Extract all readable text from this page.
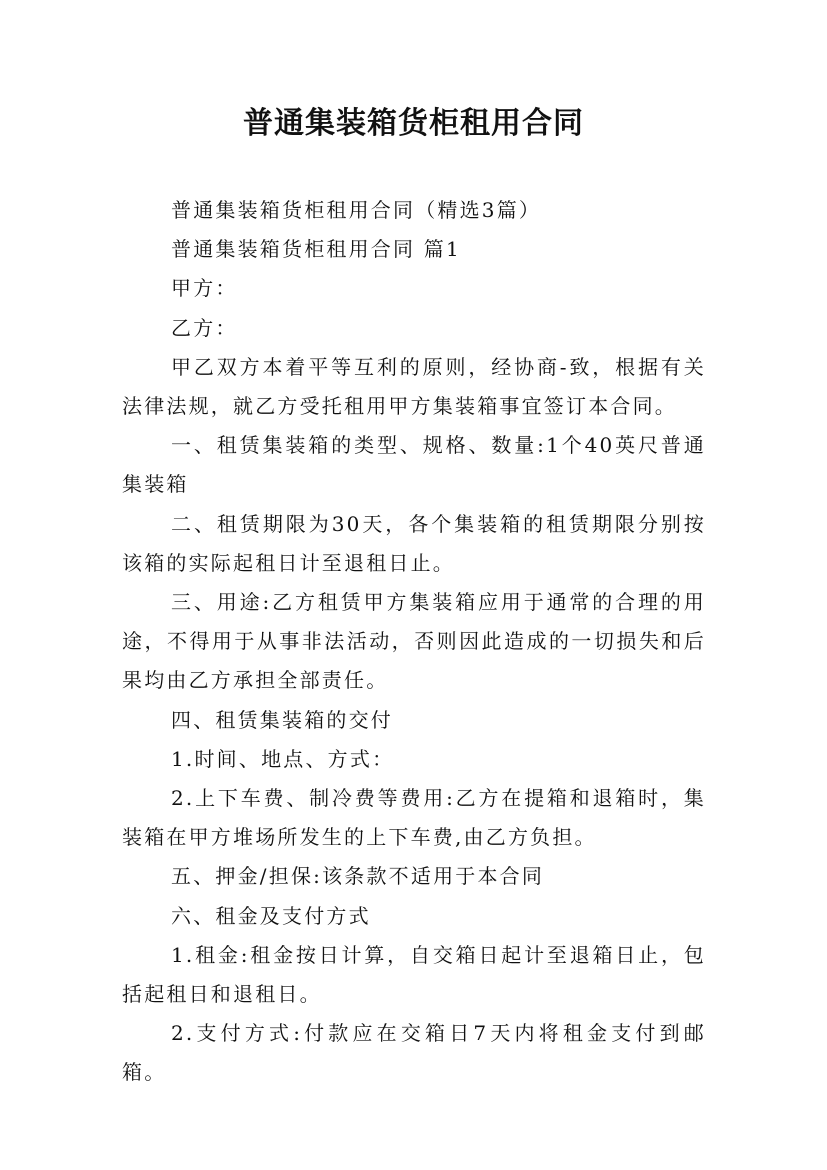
普通集装箱货柜租用合同

普通集装箱货柜租用合同（精选3篇）

普通集装箱货柜租用合同 篇1

甲方：

乙方：

甲乙双方本着平等互利的原则，经协商-致，根据有关法律法规，就乙方受托租用甲方集装箱事宜签订本合同。

一、租赁集装箱的类型、规格、数量:1个40英尺普通集装箱

二、租赁期限为30天，各个集装箱的租赁期限分别按该箱的实际起租日计至退租日止。

三、用途:乙方租赁甲方集装箱应用于通常的合理的用途，不得用于从事非法活动，否则因此造成的一切损失和后果均由乙方承担全部责任。

四、租赁集装箱的交付

1.时间、地点、方式：

2.上下车费、制冷费等费用:乙方在提箱和退箱时，集装箱在甲方堆场所发生的上下车费,由乙方负担。

五、押金/担保:该条款不适用于本合同

六、租金及支付方式

1.租金:租金按日计算，自交箱日起计至退箱日止，包括起租日和退租日。

2.支付方式:付款应在交箱日7天内将租金支付到邮箱。
